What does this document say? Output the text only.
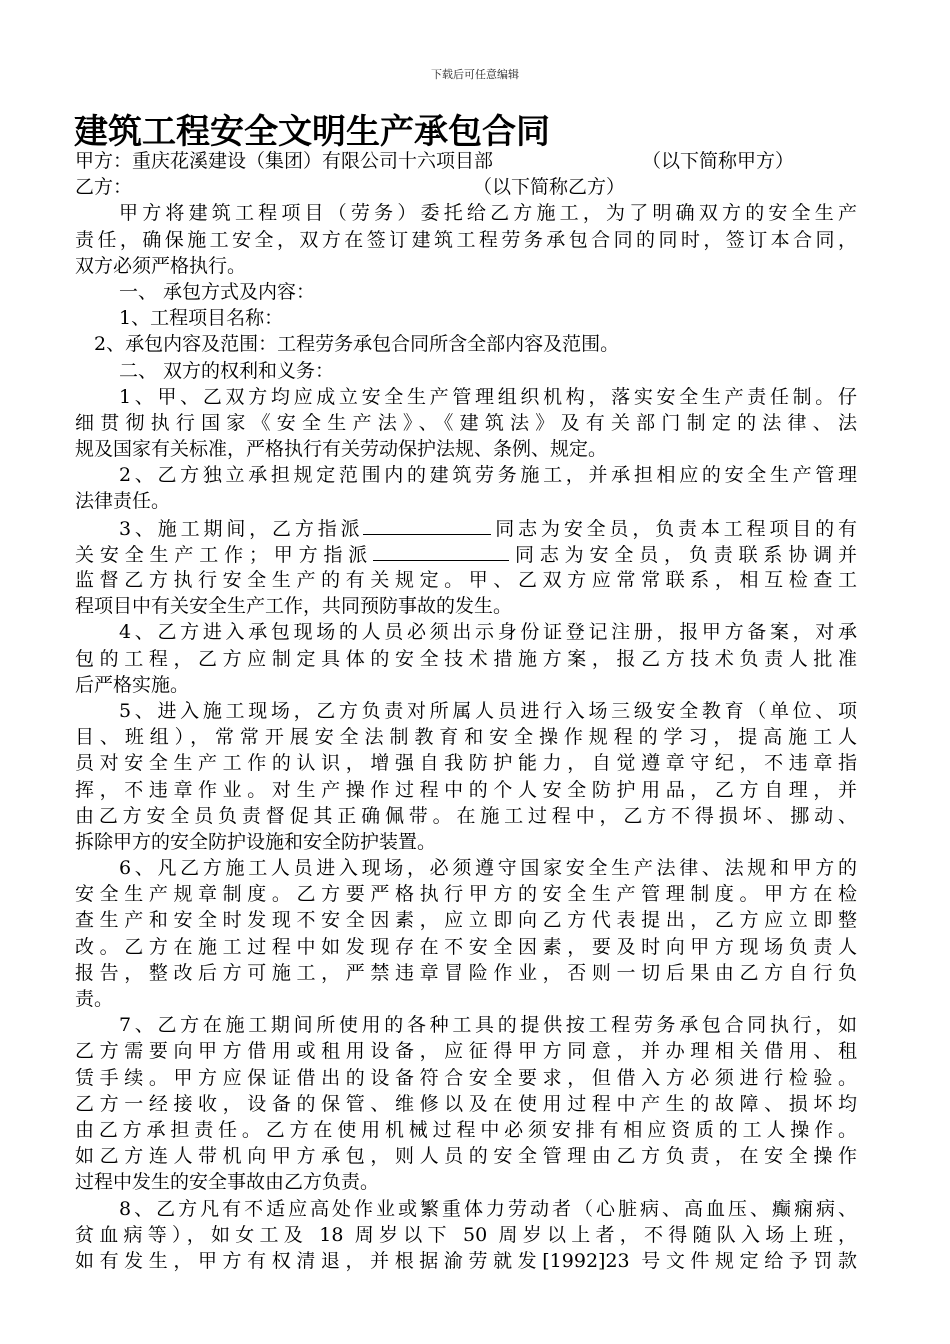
下载后可任意编辑
建筑工程安全文明生产承包合同
甲方：重庆花溪建设（集团）有限公司十六项目部	（以下简称甲方）
乙方：	（以下简称乙方）
甲方将建筑工程项目（劳务）委托给乙方施工，为了明确双方的安全生产
责任，确保施工安全，双方在签订建筑工程劳务承包合同的同时，签订本合同，
双方必须严格执行。
一、 承包方式及内容：
1、工程项目名称：
2、承包内容及范围：工程劳务承包合同所含全部内容及范围。
二、 双方的权利和义务：
1、甲、乙双方均应成立安全生产管理组织机构，落实安全生产责任制。仔
细贯彻执行国家《安全生产法》、《建筑法》及有关部门制定的法律、法
规及国家有关标准，严格执行有关劳动保护法规、条例、规定。
2、乙方独立承担规定范围内的建筑劳务施工，并承担相应的安全生产管理
法律责任。
3、施工期间，乙方指派	同志为安全员，负责本工程项目的有
关安全生产工作；甲方指派	同志为安全员，负责联系协调并
监督乙方执行安全生产的有关规定。甲、乙双方应常常联系，相互检查工
程项目中有关安全生产工作，共同预防事故的发生。
4、乙方进入承包现场的人员必须出示身份证登记注册，报甲方备案，对承
包的工程，乙方应制定具体的安全技术措施方案，报乙方技术负责人批准
后严格实施。
5、进入施工现场，乙方负责对所属人员进行入场三级安全教育（单位、项
目、班组），常常开展安全法制教育和安全操作规程的学习，提高施工人
员对安全生产工作的认识，增强自我防护能力，自觉遵章守纪，不违章指
挥，不违章作业。对生产操作过程中的个人安全防护用品，乙方自理，并
由乙方安全员负责督促其正确佩带。在施工过程中，乙方不得损坏、挪动、
拆除甲方的安全防护设施和安全防护装置。
6、凡乙方施工人员进入现场，必须遵守国家安全生产法律、法规和甲方的
安全生产规章制度。乙方要严格执行甲方的安全生产管理制度。甲方在检
查生产和安全时发现不安全因素，应立即向乙方代表提出，乙方应立即整
改。乙方在施工过程中如发现存在不安全因素，要及时向甲方现场负责人
报告，整改后方可施工，严禁违章冒险作业，否则一切后果由乙方自行负
责。
7、乙方在施工期间所使用的各种工具的提供按工程劳务承包合同执行，如
乙方需要向甲方借用或租用设备，应征得甲方同意，并办理相关借用、租
赁手续。甲方应保证借出的设备符合安全要求，但借入方必须进行检验。
乙方一经接收，设备的保管、维修以及在使用过程中产生的故障、损坏均
由乙方承担责任。乙方在使用机械过程中必须安排有相应资质的工人操作。
如乙方连人带机向甲方承包，则人员的安全管理由乙方负责，在安全操作
过程中发生的安全事故由乙方负责。
8、乙方凡有不适应高处作业或繁重体力劳动者（心脏病、高血压、癫痫病、
贫血病等），如女工及 18 周岁以下 50 周岁以上者，不得随队入场上班，
如有发生，甲方有权清退，并根据渝劳就发[1992]23 号文件规定给予罚款
